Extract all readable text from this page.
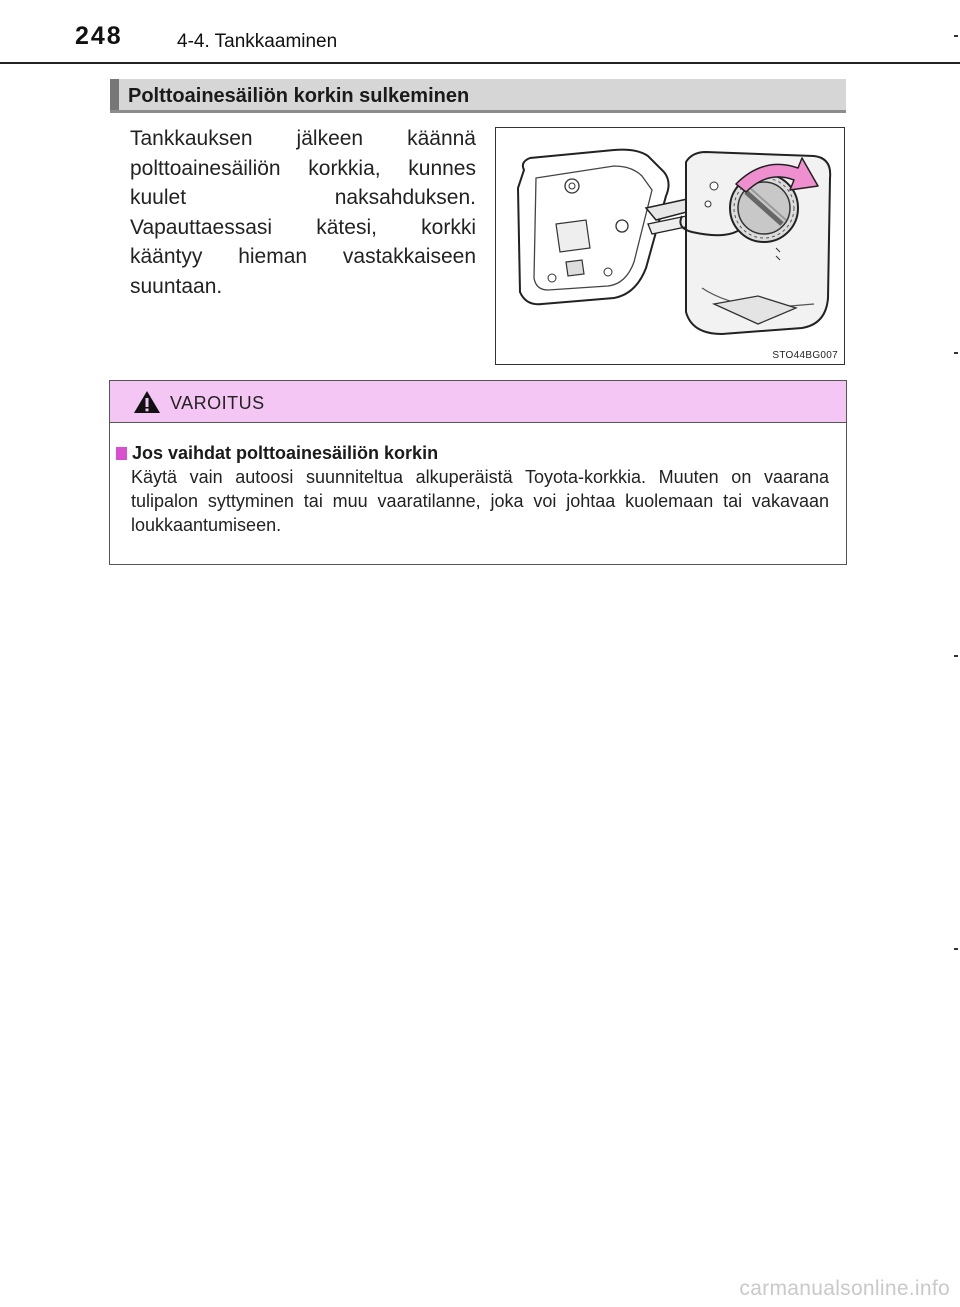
248	4-4. Tankkaaminen
Polttoainesäiliön korkin sulkeminen
Tankkauksen jälkeen käännä polttoainesäiliön korkkia, kunnes kuulet naksahduksen. Vapauttaessasi kätesi, korkki kääntyy hieman vastakkaiseen suuntaan.
STO44BG007
VAROITUS
Jos vaihdat polttoainesäiliön korkin
Käytä vain autoosi suunniteltua alkuperäistä Toyota-korkkia. Muuten on vaarana tulipalon syttyminen tai muu vaaratilanne, joka voi johtaa kuolemaan tai vakavaan loukkaantumiseen.
carmanualsonline.info
